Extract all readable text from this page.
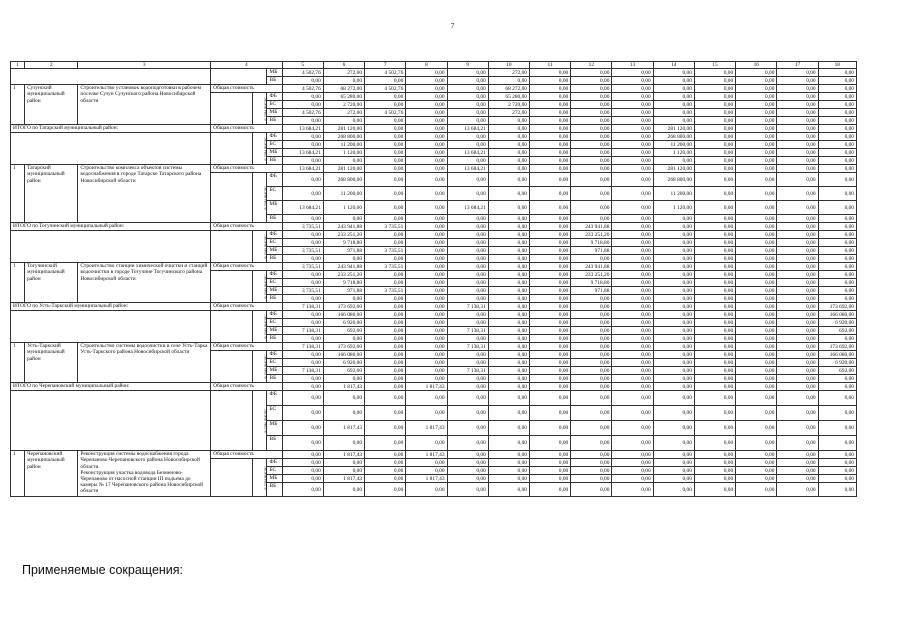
7
1	2	3	4			5	6	7	8	9	10	11	12	13	14	15	16	17	18
					МБ	4 502,76	272,00	4 502,76	0,00	0,00	272,00	0,00	0,00	0,00	0,00	0,00	0,00	0,00	0,00
					ВБ	0,00	0,00	0,00	0,00	0,00	0,00	0,00	0,00	0,00	0,00	0,00	0,00	0,00	0,00
1	Сузунский муниципальный район	Строительство установок водоподготовки в рабочем поселке Сузун Сузунского района Новосибирской области	Общая стоимость			4 502,76	68 272,00	4 502,76	0,00	0,00	68 272,00	0,00	0,00	0,00	0,00	0,00	0,00	0,00	0,00
				в том числе:	ФБ	0,00	65 280,00	0,00	0,00	0,00	65 280,00	0,00	0,00	0,00	0,00	0,00	0,00	0,00	0,00
					БС	0,00	2 720,00	0,00	0,00	0,00	2 720,00	0,00	0,00	0,00	0,00	0,00	0,00	0,00	0,00
					МБ	4 502,76	272,00	4 502,76	0,00	0,00	272,00	0,00	0,00	0,00	0,00	0,00	0,00	0,00	0,00
					ВБ	0,00	0,00	0,00	0,00	0,00	0,00	0,00	0,00	0,00	0,00	0,00	0,00	0,00	0,00
ИТОГО по Татарский муниципальный район:			Общая стоимость			13 684,21	281 120,00	0,00	0,00	13 684,21	0,00	0,00	0,00	0,00	281 120,00	0,00	0,00	0,00	0,00
				в том числе:	ФБ	0,00	268 800,00	0,00	0,00	0,00	0,00	0,00	0,00	0,00	268 800,00	0,00	0,00	0,00	0,00
					БС	0,00	11 200,00	0,00	0,00	0,00	0,00	0,00	0,00	0,00	11 200,00	0,00	0,00	0,00	0,00
					МБ	13 684,21	1 120,00	0,00	0,00	13 684,21	0,00	0,00	0,00	0,00	1 120,00	0,00	0,00	0,00	0,00
					ВБ	0,00	0,00	0,00	0,00	0,00	0,00	0,00	0,00	0,00	0,00	0,00	0,00	0,00	0,00
1	Татарский муниципальный район	Строительство комплекса объектов системы водоснабжения в городе Татарске Татарского района Новосибирской области	Общая стоимость			13 684,21	281 120,00	0,00	0,00	13 684,21	0,00	0,00	0,00	0,00	281 120,00	0,00	0,00	0,00	0,00
				в том числе:	ФБ	0,00	268 800,00	0,00	0,00	0,00	0,00	0,00	0,00	0,00	268 800,00	0,00	0,00	0,00	0,00
					БС	0,00	11 200,00	0,00	0,00	0,00	0,00	0,00	0,00	0,00	11 200,00	0,00	0,00	0,00	0,00
					МБ	13 684,21	1 120,00	0,00	0,00	13 684,21	0,00	0,00	0,00	0,00	1 120,00	0,00	0,00	0,00	0,00
					ВБ	0,00	0,00	0,00	0,00	0,00	0,00	0,00	0,00	0,00	0,00	0,00	0,00	0,00	0,00
ИТОГО по Тогучинский муниципальный район:			Общая стоимость			3 735,51	243 941,88	3 735,51	0,00	0,00	0,00	0,00	243 941,88	0,00	0,00	0,00	0,00	0,00	0,00
				в том числе:	ФБ	0,00	233 251,20	0,00	0,00	0,00	0,00	0,00	233 251,20	0,00	0,00	0,00	0,00	0,00	0,00
					БС	0,00	9 718,80	0,00	0,00	0,00	0,00	0,00	9 718,80	0,00	0,00	0,00	0,00	0,00	0,00
					МБ	3 735,51	971,88	3 735,51	0,00	0,00	0,00	0,00	971,88	0,00	0,00	0,00	0,00	0,00	0,00
					ВБ	0,00	0,00	0,00	0,00	0,00	0,00	0,00	0,00	0,00	0,00	0,00	0,00	0,00	0,00
1	Тогучинский муниципальный район	Строительство станции химической очистки и станций водоочистки в городе Тогучине Тогучинского района Новосибирской области	Общая стоимость			3 735,51	243 941,88	3 735,51	0,00	0,00	0,00	0,00	243 941,88	0,00	0,00	0,00	0,00	0,00	0,00
				в том числе:	ФБ	0,00	233 251,20	0,00	0,00	0,00	0,00	0,00	233 251,20	0,00	0,00	0,00	0,00	0,00	0,00
					БС	0,00	9 718,80	0,00	0,00	0,00	0,00	0,00	9 718,80	0,00	0,00	0,00	0,00	0,00	0,00
					МБ	3 735,51	971,88	3 735,51	0,00	0,00	0,00	0,00	971,88	0,00	0,00	0,00	0,00	0,00	0,00
					ВБ	0,00	0,00	0,00	0,00	0,00	0,00	0,00	0,00	0,00	0,00	0,00	0,00	0,00	0,00
ИТОГО по Усть-Таркский муниципальный район:			Общая стоимость			7 138,31	173 692,00	0,00	0,00	7 138,31	0,00	0,00	0,00	0,00	0,00	0,00	0,00	0,00	173 692,00
				в том числе:	ФБ	0,00	166 080,00	0,00	0,00	0,00	0,00	0,00	0,00	0,00	0,00	0,00	0,00	0,00	166 080,00
					БС	0,00	6 920,00	0,00	0,00	0,00	0,00	0,00	0,00	0,00	0,00	0,00	0,00	0,00	6 920,00
					МБ	7 138,31	692,00	0,00	0,00	7 138,31	0,00	0,00	0,00	0,00	0,00	0,00	0,00	0,00	692,00
					ВБ	0,00	0,00	0,00	0,00	0,00	0,00	0,00	0,00	0,00	0,00	0,00	0,00	0,00	0,00
1	Усть-Таркский муниципальный район	Строительство системы водоочистки в селе Усть-Тарка Усть-Таркского района Новосибирской области	Общая стоимость			7 138,31	173 692,00	0,00	0,00	7 138,31	0,00	0,00	0,00	0,00	0,00	0,00	0,00	0,00	173 692,00
				в том числе:	ФБ	0,00	166 080,00	0,00	0,00	0,00	0,00	0,00	0,00	0,00	0,00	0,00	0,00	0,00	166 080,00
					БС	0,00	6 920,00	0,00	0,00	0,00	0,00	0,00	0,00	0,00	0,00	0,00	0,00	0,00	6 920,00
					МБ	7 138,31	692,00	0,00	0,00	7 138,31	0,00	0,00	0,00	0,00	0,00	0,00	0,00	0,00	692,00
					ВБ	0,00	0,00	0,00	0,00	0,00	0,00	0,00	0,00	0,00	0,00	0,00	0,00	0,00	0,00
ИТОГО по Черепановский муниципальный район:			Общая стоимость			0,00	1 817,43	0,00	1 817,43	0,00	0,00	0,00	0,00	0,00	0,00	0,00	0,00	0,00	0,00
				в том числе:	ФБ	0,00	0,00	0,00	0,00	0,00	0,00	0,00	0,00	0,00	0,00	0,00	0,00	0,00	0,00
					БС	0,00	0,00	0,00	0,00	0,00	0,00	0,00	0,00	0,00	0,00	0,00	0,00	0,00	0,00
					МБ	0,00	1 817,43	0,00	1 817,43	0,00	0,00	0,00	0,00	0,00	0,00	0,00	0,00	0,00	0,00
					ВБ	0,00	0,00	0,00	0,00	0,00	0,00	0,00	0,00	0,00	0,00	0,00	0,00	0,00	0,00
1	Черепановский муниципальный район	Реконструкция системы водоснабжения города Черепаново Черепановского района Новосибирской области.
Реконструкция участка водовода Безменово-Черепаново от насосной станции III подъема до камеры № 17 Черепановского района Новосибирской области	Общая стоимость			0,00	1 817,43	0,00	1 817,43	0,00	0,00	0,00	0,00	0,00	0,00	0,00	0,00	0,00	0,00
				в том числе:	ФБ	0,00	0,00	0,00	0,00	0,00	0,00	0,00	0,00	0,00	0,00	0,00	0,00	0,00	0,00
					БС	0,00	0,00	0,00	0,00	0,00	0,00	0,00	0,00	0,00	0,00	0,00	0,00	0,00	0,00
					МБ	0,00	1 817,43	0,00	1 817,43	0,00	0,00	0,00	0,00	0,00	0,00	0,00	0,00	0,00	0,00
					ВБ	0,00	0,00	0,00	0,00	0,00	0,00	0,00	0,00	0,00	0,00	0,00	0,00	0,00	0,00
Применяемые сокращения:
